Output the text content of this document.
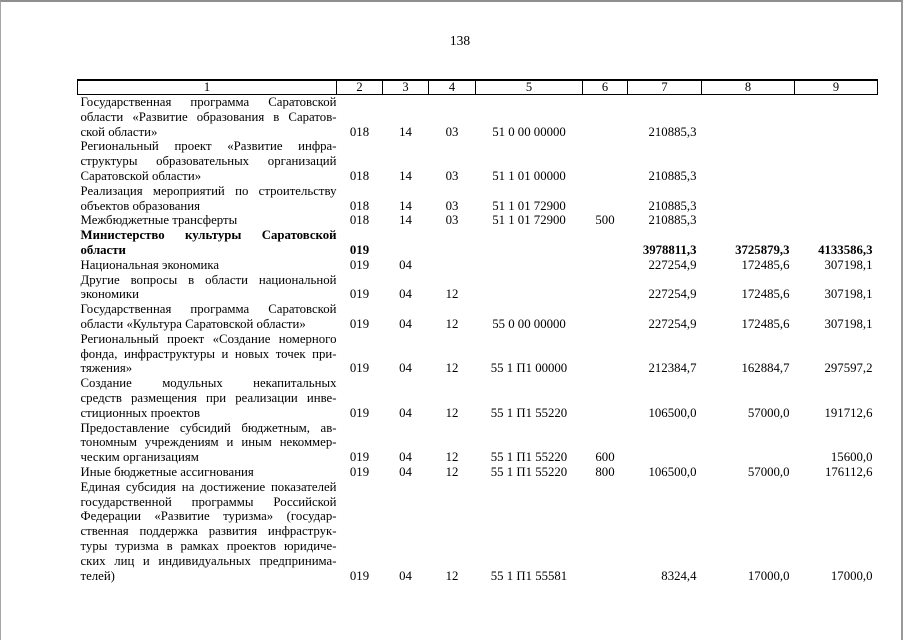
138
1	2	3	4	5	6	7	8	9

Государственная программа Саратовской
области «Развитие образования в Саратов-
ской области»	018	14	03	51 0 00 00000		210885,3		

Региональный проект «Развитие инфра-
структуры образовательных организаций
Саратовской области»	018	14	03	51 1 01 00000		210885,3		

Реализация мероприятий по строительству
объектов образования	018	14	03	51 1 01 72900		210885,3		

Межбюджетные трансферты	018	14	03	51 1 01 72900	500	210885,3		

Министерство культуры Саратовской
области	019					3978811,3	3725879,3	4133586,3

Национальная экономика	019	04				227254,9	172485,6	307198,1

Другие вопросы в области национальной
экономики	019	04	12			227254,9	172485,6	307198,1

Государственная программа Саратовской
области «Культура Саратовской области»	019	04	12	55 0 00 00000		227254,9	172485,6	307198,1

Региональный проект «Создание номерного
фонда, инфраструктуры и новых точек при-
тяжения»	019	04	12	55 1 П1 00000		212384,7	162884,7	297597,2

Создание модульных некапитальных
средств размещения при реализации инве-
стиционных проектов	019	04	12	55 1 П1 55220		106500,0	57000,0	191712,6

Предоставление субсидий бюджетным, ав-
тономным учреждениям и иным некоммер-
ческим организациям	019	04	12	55 1 П1 55220	600			15600,0

Иные бюджетные ассигнования	019	04	12	55 1 П1 55220	800	106500,0	57000,0	176112,6

Единая субсидия на достижение показателей
государственной программы Российской
Федерации «Развитие туризма» (государ-
ственная поддержка развития инфраструк-
туры туризма в рамках проектов юридиче-
ских лиц и индивидуальных предпринима-
телей)	019	04	12	55 1 П1 55581		8324,4	17000,0	17000,0
